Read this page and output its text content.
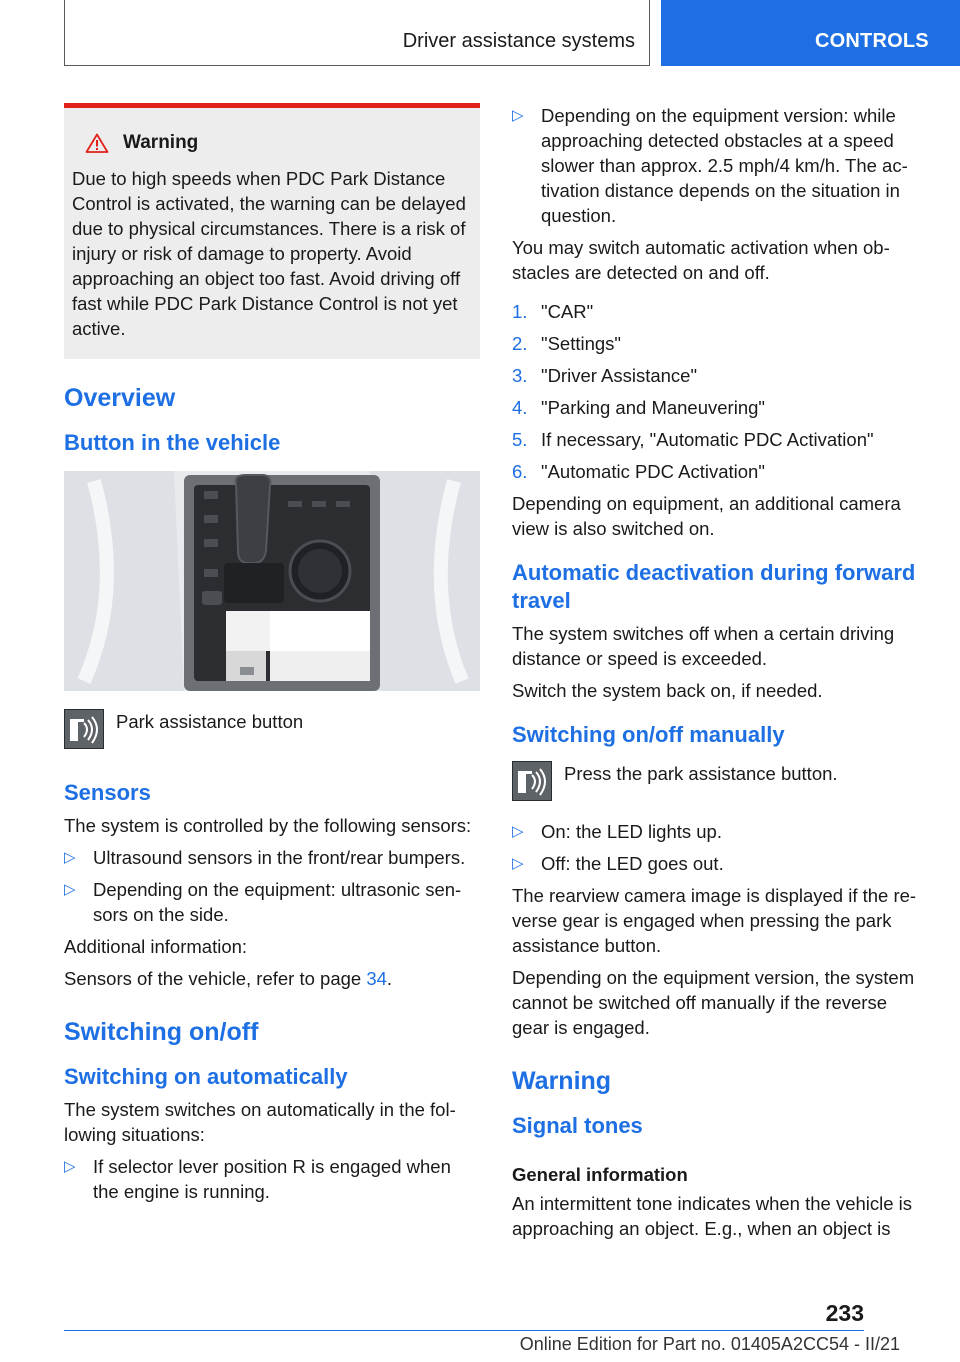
Driver assistance systems	CONTROLS
Warning
Due to high speeds when PDC Park Distance Control is activated, the warning can be delayed due to physical circumstances. There is a risk of injury or risk of damage to property. Avoid approaching an object too fast. Avoid driving off fast while PDC Park Distance Control is not yet active.
Overview
Button in the vehicle

Park assistance button

Sensors

The system is controlled by the following sensors:

▷ Ultrasound sensors in the front/rear bumpers.
▷ Depending on the equipment: ultrasonic sensors on the side.

Additional information:

Sensors of the vehicle, refer to page 34.

Switching on/off
Switching on automatically

The system switches on automatically in the following situations:

▷ If selector lever position R is engaged when the engine is running.
▷ Depending on the equipment version: while approaching detected obstacles at a speed slower than approx. 2.5 mph/4 km/h. The activation distance depends on the situation in question.

You may switch automatic activation when obstacles are detected on and off.

1. "CAR"
2. "Settings"
3. "Driver Assistance"
4. "Parking and Maneuvering"
5. If necessary, "Automatic PDC Activation"
6. "Automatic PDC Activation"

Depending on equipment, an additional camera view is also switched on.

Automatic deactivation during forward travel

The system switches off when a certain driving distance or speed is exceeded.

Switch the system back on, if needed.

Switching on/off manually

Press the park assistance button.

▷ On: the LED lights up.
▷ Off: the LED goes out.

The rearview camera image is displayed if the reverse gear is engaged when pressing the park assistance button.

Depending on the equipment version, the system cannot be switched off manually if the reverse gear is engaged.

Warning
Signal tones
General information

An intermittent tone indicates when the vehicle is approaching an object. E.g., when an object is

233
Online Edition for Part no. 01405A2CC54 - II/21
